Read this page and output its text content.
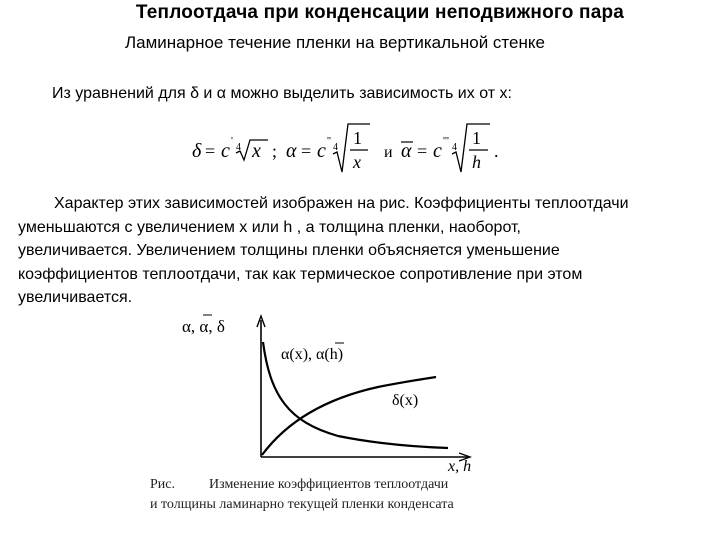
Теплоотдача при конденсации неподвижного пара
Ламинарное течение пленки на вертикальной стенке
Из уравнений для δ и α можно выделить зависимость их от x:
δ = c '
4 x ; α = c ''
4 1
x и α = c '''
4 1
h
.
Характер этих зависимостей изображен на рис. Коэффициенты теплоотдачи
уменьшаются с увеличением x или h , а толщина пленки, наоборот,
увеличивается. Увеличением толщины пленки объясняется уменьшение
коэффициентов теплоотдачи, так как термическое сопротивление при этом
увеличивается.
α, α, δ
x, h
α(x), α(h)
δ(x)
Рис. Изменение коэффициентов теплоотдачи
и толщины ламинарно текущей пленки конденсата
